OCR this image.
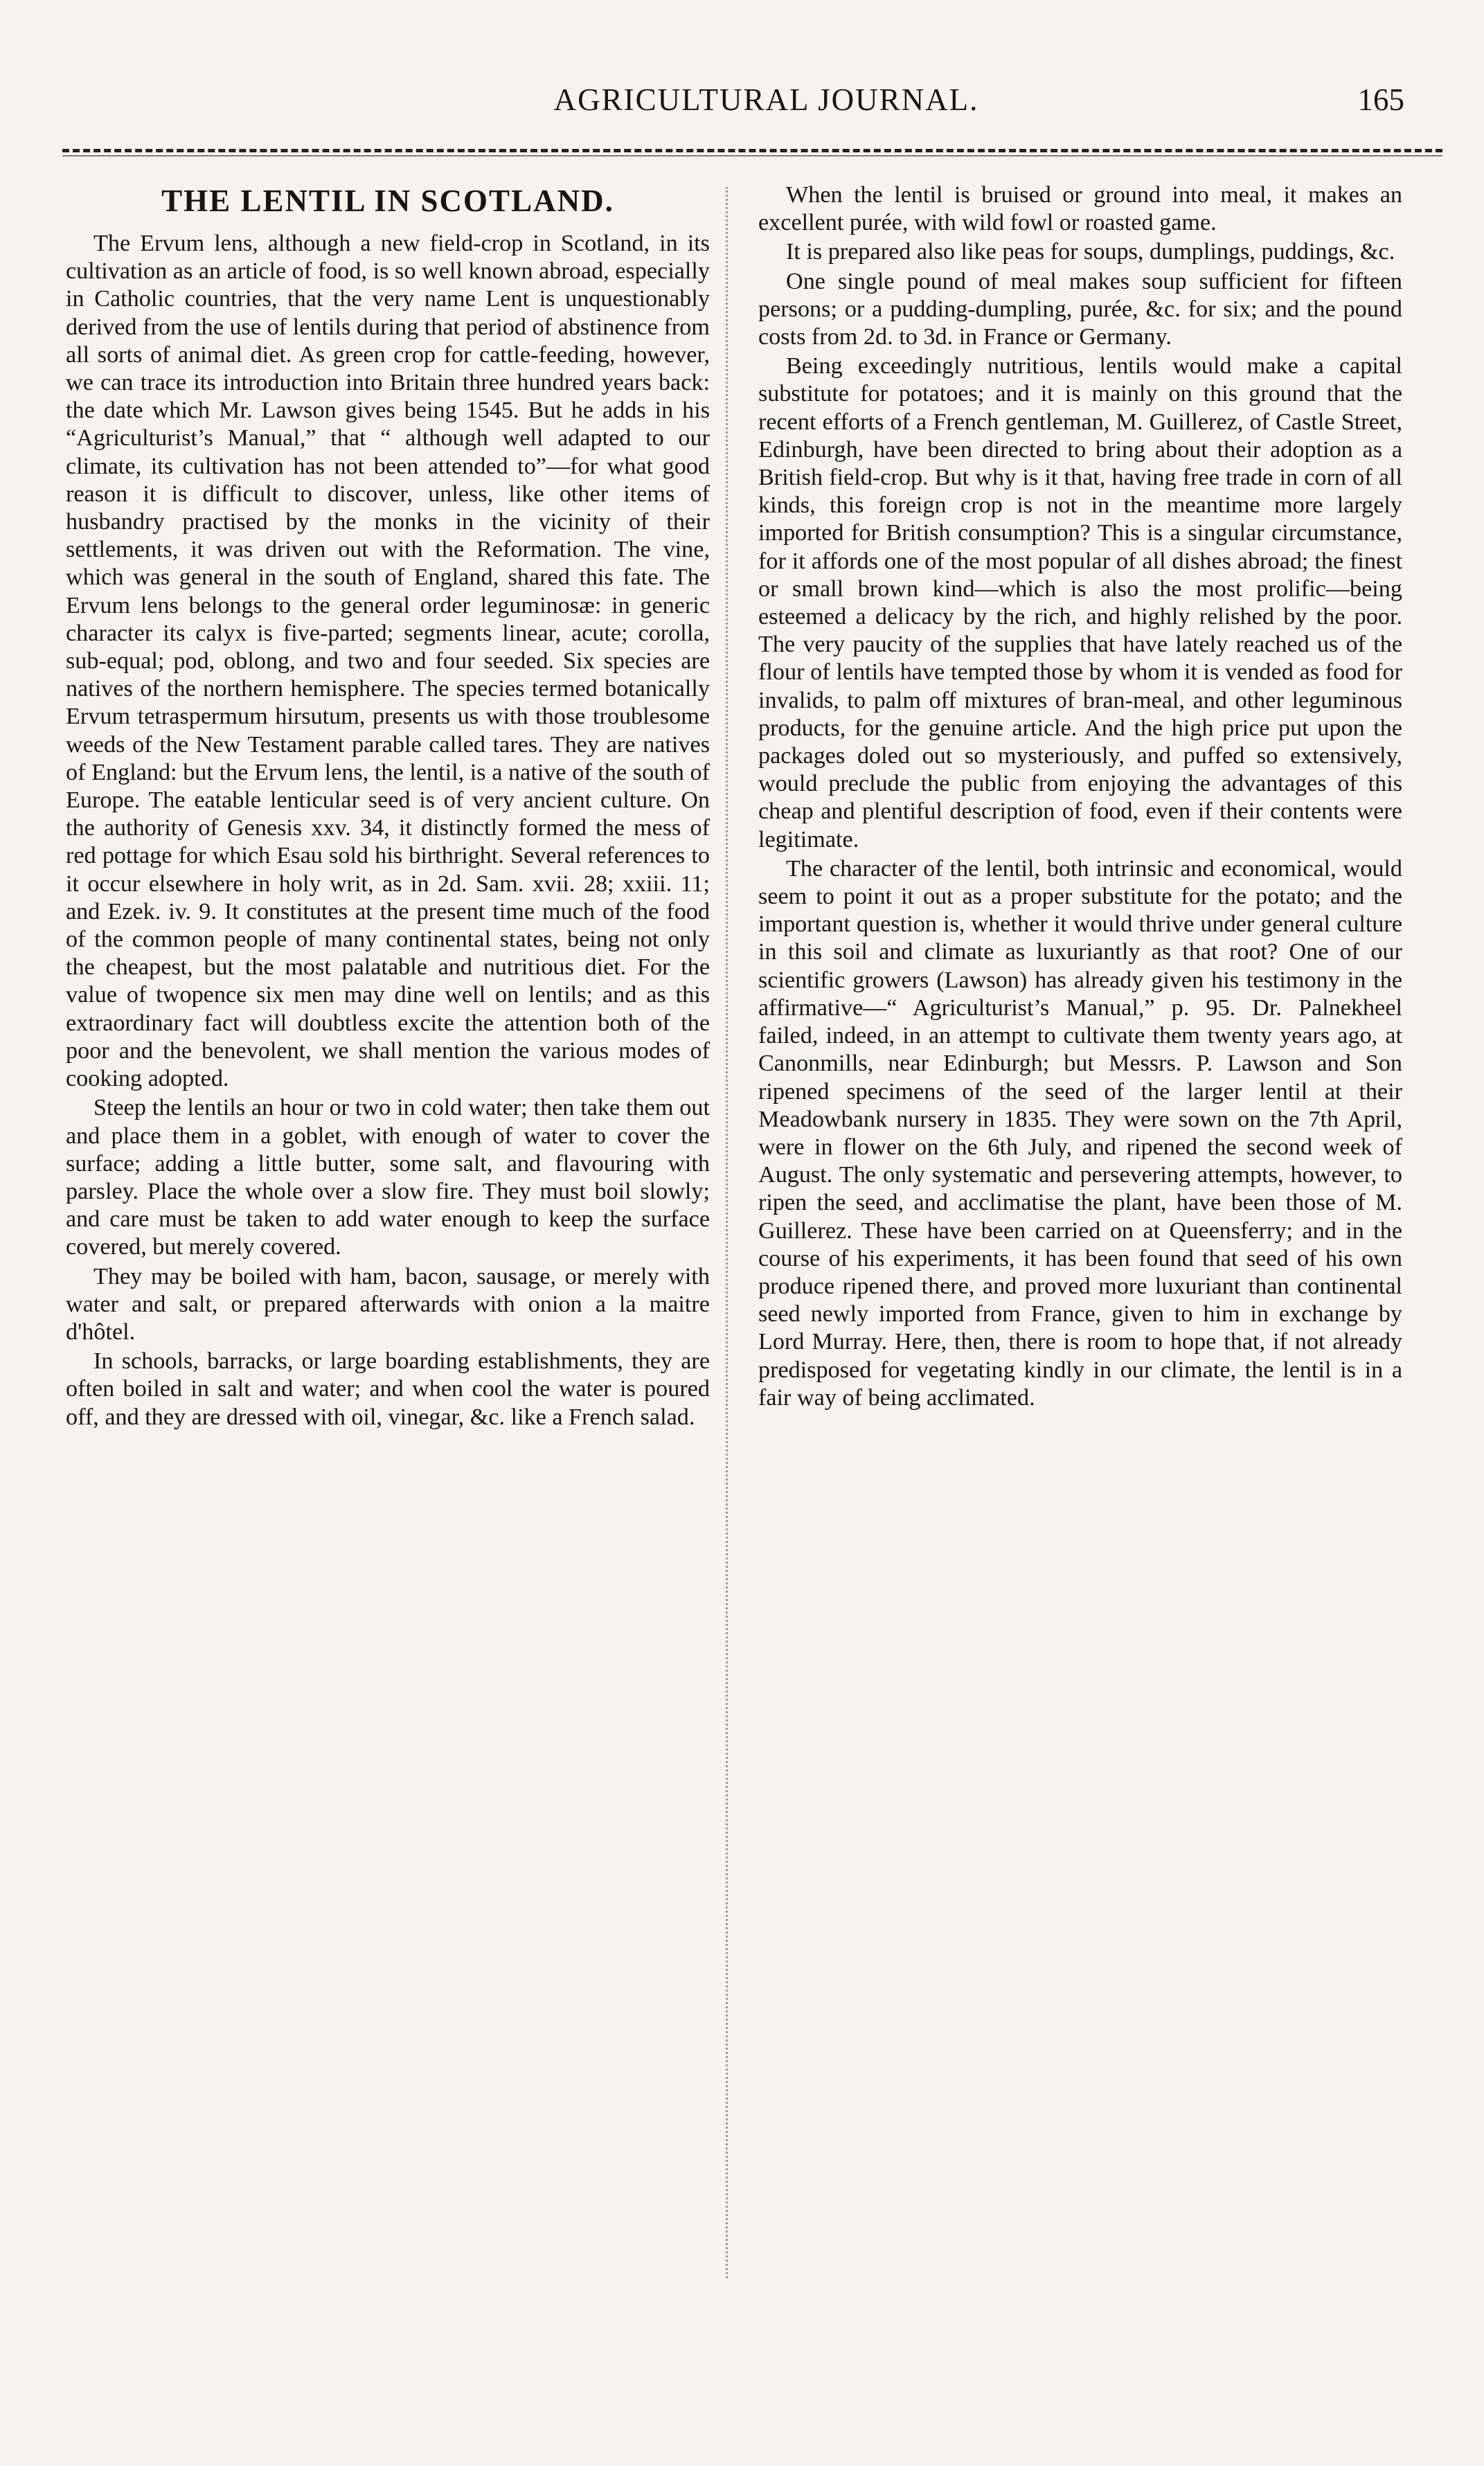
AGRICULTURAL JOURNAL.	165
THE LENTIL IN SCOTLAND.

The Ervum lens, although a new field-crop in Scotland, in its cultivation as an article of food, is so well known abroad, especially in Catholic countries, that the very name Lent is unquestionably derived from the use of lentils during that period of abstinence from all sorts of animal diet. As green crop for cattle-feeding, however, we can trace its introduction into Britain three hundred years back: the date which Mr. Lawson gives being 1545. But he adds in his “Agriculturist’s Manual,” that “ although well adapted to our climate, its cultivation has not been attended to”—for what good reason it is difficult to discover, unless, like other items of husbandry practised by the monks in the vicinity of their settlements, it was driven out with the Reformation. The vine, which was general in the south of England, shared this fate. The Ervum lens belongs to the general order leguminosæ: in generic character its calyx is five-parted; segments linear, acute; corolla, sub-equal; pod, oblong, and two and four seeded. Six species are natives of the northern hemisphere. The species termed botanically Ervum tetraspermum hirsutum, presents us with those troublesome weeds of the New Testament parable called tares. They are natives of England: but the Ervum lens, the lentil, is a native of the south of Europe. The eatable lenticular seed is of very ancient culture. On the authority of Genesis xxv. 34, it distinctly formed the mess of red pottage for which Esau sold his birthright. Several references to it occur elsewhere in holy writ, as in 2d. Sam. xvii. 28; xxiii. 11; and Ezek. iv. 9. It constitutes at the present time much of the food of the common people of many continental states, being not only the cheapest, but the most palatable and nutritious diet. For the value of twopence six men may dine well on lentils; and as this extraordinary fact will doubtless excite the attention both of the poor and the benevolent, we shall mention the various modes of cooking adopted.

Steep the lentils an hour or two in cold water; then take them out and place them in a goblet, with enough of water to cover the surface; adding a little butter, some salt, and flavouring with parsley. Place the whole over a slow fire. They must boil slowly; and care must be taken to add water enough to keep the surface covered, but merely covered.

They may be boiled with ham, bacon, sausage, or merely with water and salt, or prepared afterwards with onion a la maitre d'hôtel.

In schools, barracks, or large boarding establishments, they are often boiled in salt and water; and when cool the water is poured off, and they are dressed with oil, vinegar, &c. like a French salad.

When the lentil is bruised or ground into meal, it makes an excellent purée, with wild fowl or roasted game.

It is prepared also like peas for soups, dumplings, puddings, &c.

One single pound of meal makes soup sufficient for fifteen persons; or a pudding-dumpling, purée, &c. for six; and the pound costs from 2d. to 3d. in France or Germany.

Being exceedingly nutritious, lentils would make a capital substitute for potatoes; and it is mainly on this ground that the recent efforts of a French gentleman, M. Guillerez, of Castle Street, Edinburgh, have been directed to bring about their adoption as a British field-crop. But why is it that, having free trade in corn of all kinds, this foreign crop is not in the meantime more largely imported for British consumption? This is a singular circumstance, for it affords one of the most popular of all dishes abroad; the finest or small brown kind—which is also the most prolific—being esteemed a delicacy by the rich, and highly relished by the poor. The very paucity of the supplies that have lately reached us of the flour of lentils have tempted those by whom it is vended as food for invalids, to palm off mixtures of bran-meal, and other leguminous products, for the genuine article. And the high price put upon the packages doled out so mysteriously, and puffed so extensively, would preclude the public from enjoying the advantages of this cheap and plentiful description of food, even if their contents were legitimate.

The character of the lentil, both intrinsic and economical, would seem to point it out as a proper substitute for the potato; and the important question is, whether it would thrive under general culture in this soil and climate as luxuriantly as that root? One of our scientific growers (Lawson) has already given his testimony in the affirmative—“ Agriculturist’s Manual,” p. 95. Dr. Palnekheel failed, indeed, in an attempt to cultivate them twenty years ago, at Canonmills, near Edinburgh; but Messrs. P. Lawson and Son ripened specimens of the seed of the larger lentil at their Meadowbank nursery in 1835. They were sown on the 7th April, were in flower on the 6th July, and ripened the second week of August. The only systematic and persevering attempts, however, to ripen the seed, and acclimatise the plant, have been those of M. Guillerez. These have been carried on at Queensferry; and in the course of his experiments, it has been found that seed of his own produce ripened there, and proved more luxuriant than continental seed newly imported from France, given to him in exchange by Lord Murray. Here, then, there is room to hope that, if not already predisposed for vegetating kindly in our climate, the lentil is in a fair way of being acclimated.
